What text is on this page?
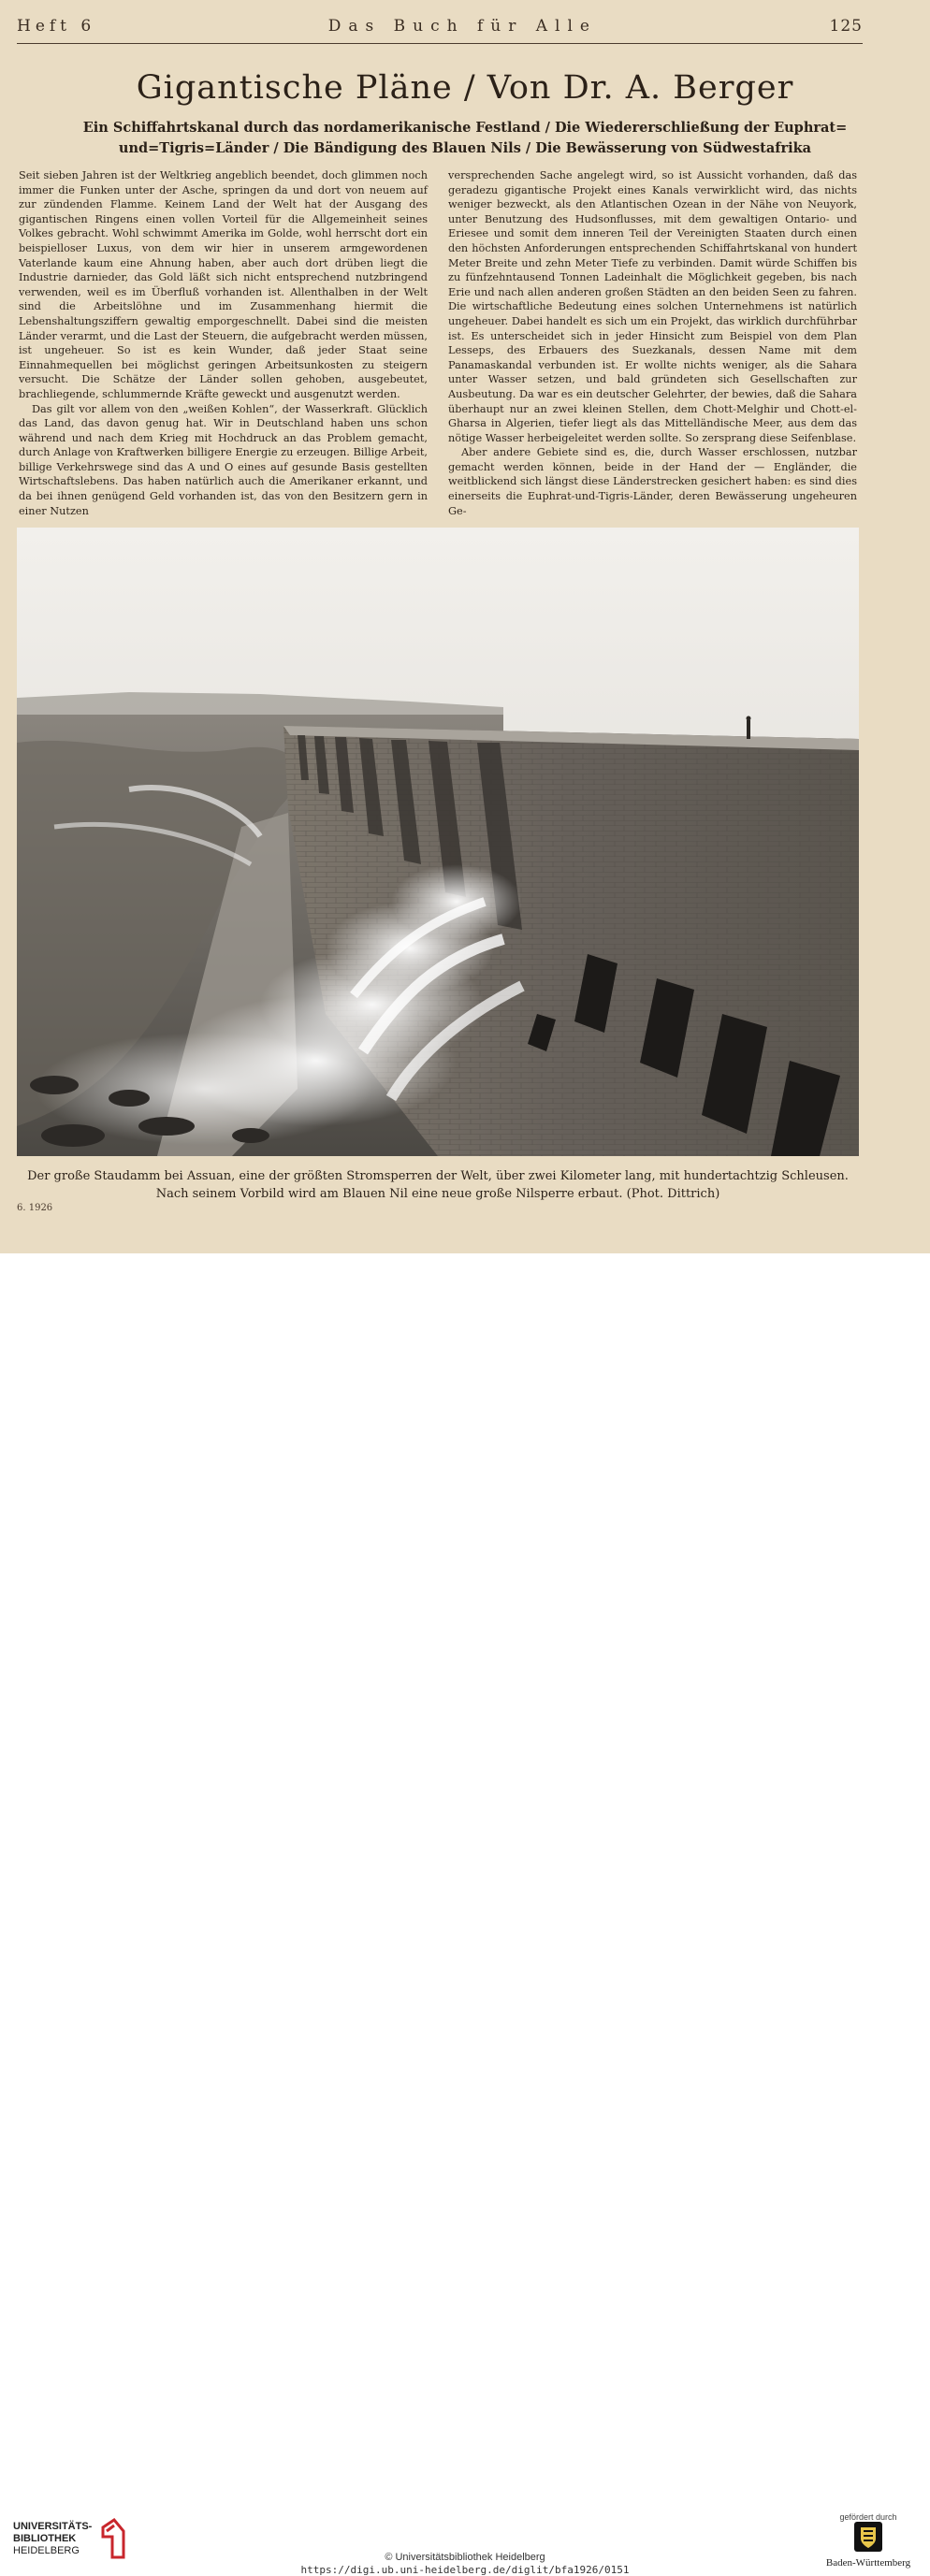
Heft 6	Das Buch für Alle	125
Gigantische Pläne / Von Dr. A. Berger
Ein Schiffahrtskanal durch das nordamerikanische Festland / Die Wiedererschließung der Euphrat=
und=Tigris=Länder / Die Bändigung des Blauen Nils / Die Bewässerung von Südwestafrika

Seit sieben Jahren ist der Weltkrieg angeblich beendet, doch glimmen noch immer die Funken unter der Asche, springen da und dort von neuem auf zur zündenden Flamme. Keinem Land der Welt hat der Ausgang des gigantischen Ringens einen vollen Vorteil für die Allgemeinheit seines Volkes gebracht. Wohl schwimmt Amerika im Golde, wohl herrscht dort ein beispielloser Luxus, von dem wir hier in unserem armgewordenen Vaterlande kaum eine Ahnung haben, aber auch dort drüben liegt die Industrie darnieder, das Gold läßt sich nicht entsprechend nutzbringend verwenden, weil es im Überfluß vorhanden ist. Allenthalben in der Welt sind die Arbeitslöhne und im Zusammenhang hiermit die Lebenshaltungsziffern gewaltig emporgeschnellt. Dabei sind die meisten Länder verarmt, und die Last der Steuern, die aufgebracht werden müssen, ist ungeheuer. So ist es kein Wunder, daß jeder Staat seine Einnahmequellen bei möglichst geringen Arbeitsunkosten zu steigern versucht. Die Schätze der Länder sollen gehoben, ausgebeutet, brachliegende, schlummernde Kräfte geweckt und ausgenutzt werden.

Das gilt vor allem von den „weißen Kohlen“, der Wasserkraft. Glücklich das Land, das davon genug hat. Wir in Deutschland haben uns schon während und nach dem Krieg mit Hochdruck an das Problem gemacht, durch Anlage von Kraftwerken billigere Energie zu erzeugen. Billige Arbeit, billige Verkehrswege sind das A und O eines auf gesunde Basis gestellten Wirtschaftslebens. Das haben natürlich auch die Amerikaner erkannt, und da bei ihnen genügend Geld vorhanden ist, das von den Besitzern gern in einer Nutzen

versprechenden Sache angelegt wird, so ist Aussicht vorhanden, daß das geradezu gigantische Projekt eines Kanals verwirklicht wird, das nichts weniger bezweckt, als den Atlantischen Ozean in der Nähe von Neuyork, unter Benutzung des Hudsonflusses, mit dem gewaltigen Ontario- und Eriesee und somit dem inneren Teil der Vereinigten Staaten durch einen den höchsten Anforderungen entsprechenden Schiffahrtskanal von hundert Meter Breite und zehn Meter Tiefe zu verbinden. Damit würde Schiffen bis zu fünfzehntausend Tonnen Ladeinhalt die Möglichkeit gegeben, bis nach Erie und nach allen anderen großen Städten an den beiden Seen zu fahren. Die wirtschaftliche Bedeutung eines solchen Unternehmens ist natürlich ungeheuer. Dabei handelt es sich um ein Projekt, das wirklich durchführbar ist. Es unterscheidet sich in jeder Hinsicht zum Beispiel von dem Plan Lesseps, des Erbauers des Suezkanals, dessen Name mit dem Panamaskandal verbunden ist. Er wollte nichts weniger, als die Sahara unter Wasser setzen, und bald gründeten sich Gesellschaften zur Ausbeutung. Da war es ein deutscher Gelehrter, der bewies, daß die Sahara überhaupt nur an zwei kleinen Stellen, dem Chott-Melghir und Chott-el-Gharsa in Algerien, tiefer liegt als das Mittelländische Meer, aus dem das nötige Wasser herbeigeleitet werden sollte. So zersprang diese Seifenblase.

Aber andere Gebiete sind es, die, durch Wasser erschlossen, nutzbar gemacht werden können, beide in der Hand der — Engländer, die weitblickend sich längst diese Länderstrecken gesichert haben: es sind dies einerseits die Euphrat-und-Tigris-Länder, deren Bewässerung ungeheuren Ge-

Der große Staudamm bei Assuan, eine der größten Stromsperren der Welt, über zwei Kilometer lang, mit hundertachtzig Schleusen.
Nach seinem Vorbild wird am Blauen Nil eine neue große Nilsperre erbaut. (Phot. Dittrich)
6. 1926
UNIVERSITÄTS-
BIBLIOTHEK
HEIDELBERG
© Universitätsbibliothek Heidelberg
https://digi.ub.uni-heidelberg.de/diglit/bfa1926/0151
gefördert durch
Baden-Württemberg
